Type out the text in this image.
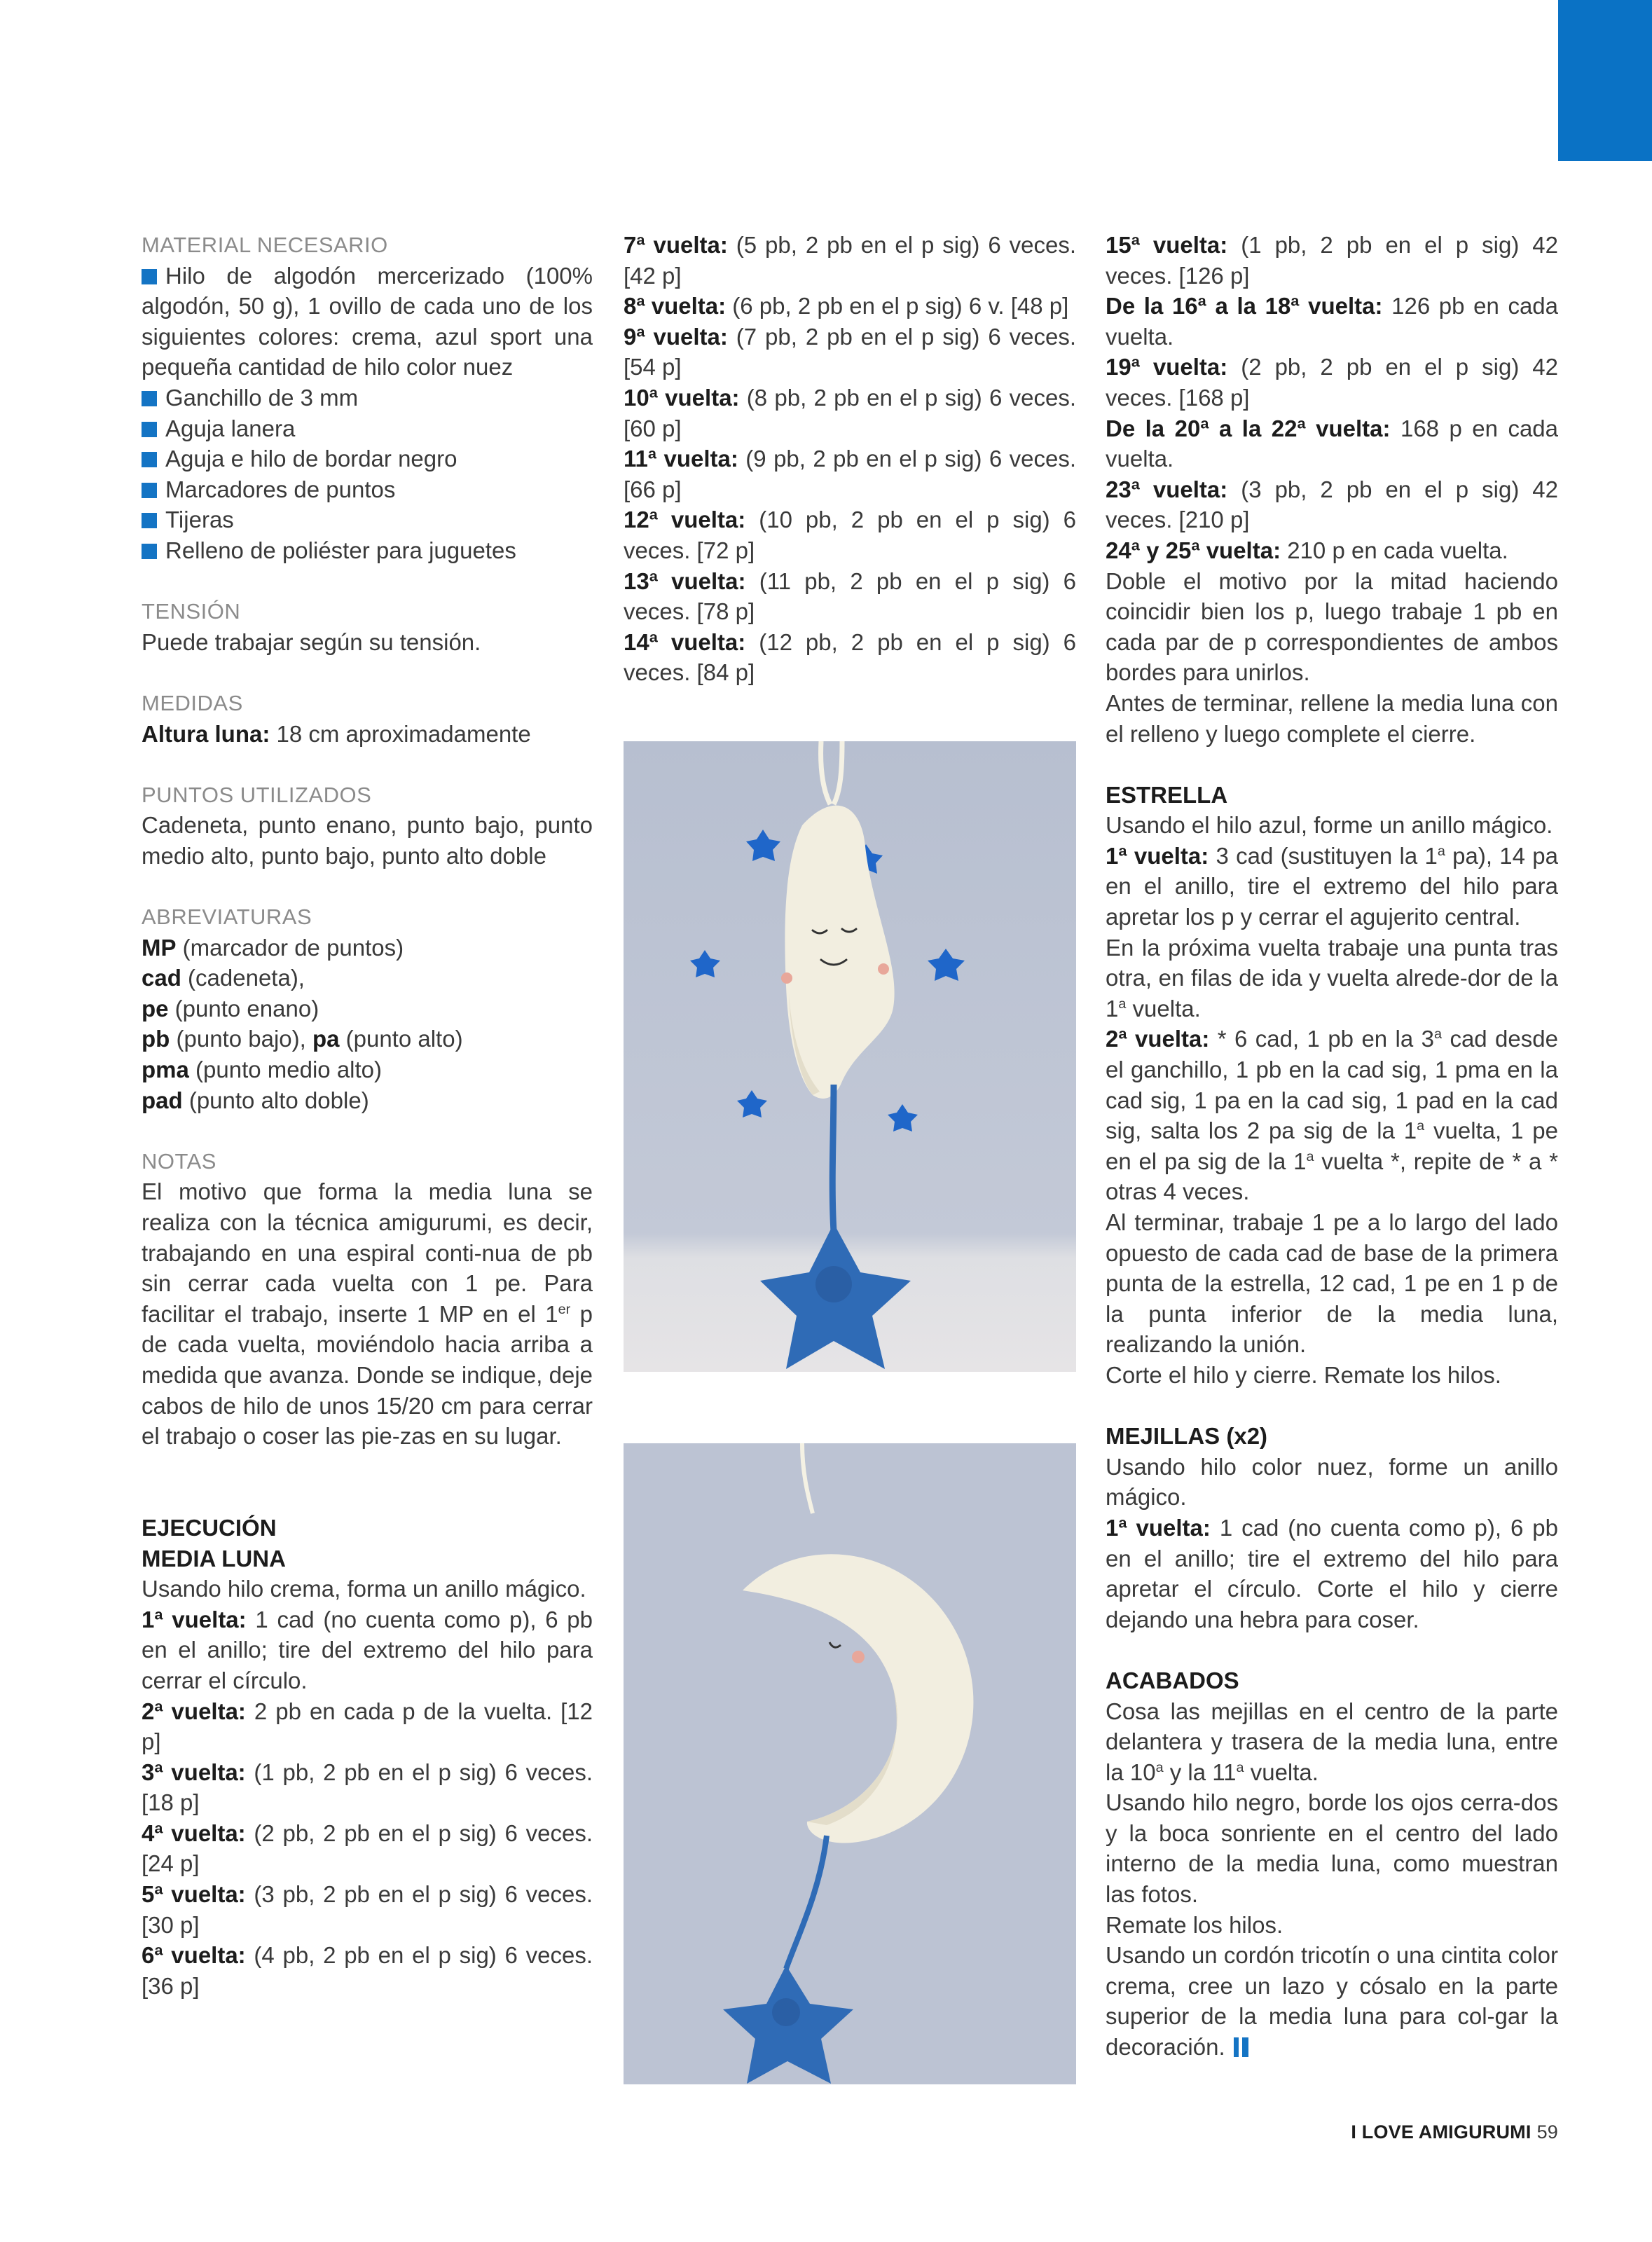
MATERIAL NECESARIO
Hilo de algodón mercerizado (100% algodón, 50 g), 1 ovillo de cada uno de los siguientes colores: crema, azul sport una pequeña cantidad de hilo color nuez
Ganchillo de 3 mm
Aguja lanera
Aguja e hilo de bordar negro
Marcadores de puntos
Tijeras
Relleno de poliéster para juguetes
TENSIÓN
Puede trabajar según su tensión.
MEDIDAS
Altura luna: 18 cm aproximadamente
PUNTOS UTILIZADOS
Cadeneta, punto enano, punto bajo, punto medio alto, punto bajo, punto alto doble
ABREVIATURAS
MP (marcador de puntos)
cad (cadeneta),
pe (punto enano)
pb (punto bajo), pa (punto alto)
pma (punto medio alto)
pad (punto alto doble)
NOTAS
El motivo que forma la media luna se realiza con la técnica amigurumi, es decir, trabajando en una espiral conti-nua de pb sin cerrar cada vuelta con 1 pe. Para facilitar el trabajo, inserte 1 MP en el 1er p de cada vuelta, moviéndolo hacia arriba a medida que avanza. Donde se indique, deje cabos de hilo de unos 15/20 cm para cerrar el trabajo o coser las pie-zas en su lugar.
EJECUCIÓN
MEDIA LUNA
Usando hilo crema, forma un anillo mágico.
1ª vuelta: 1 cad (no cuenta como p), 6 pb en el anillo; tire del extremo del hilo para cerrar el círculo.
2ª vuelta: 2 pb en cada p de la vuelta. [12 p]
3ª vuelta: (1 pb, 2 pb en el p sig) 6 veces. [18 p]
4ª vuelta: (2 pb, 2 pb en el p sig) 6 veces. [24 p]
5ª vuelta: (3 pb, 2 pb en el p sig) 6 veces. [30 p]
6ª vuelta: (4 pb, 2 pb en el p sig) 6 veces. [36 p]
7ª vuelta: (5 pb, 2 pb en el p sig) 6 veces. [42 p]
8ª vuelta: (6 pb, 2 pb en el p sig) 6 v. [48 p]
9ª vuelta: (7 pb, 2 pb en el p sig) 6 veces. [54 p]
10ª vuelta: (8 pb, 2 pb en el p sig) 6 veces. [60 p]
11ª vuelta: (9 pb, 2 pb en el p sig) 6 veces. [66 p]
12ª vuelta: (10 pb, 2 pb en el p sig) 6 veces. [72 p]
13ª vuelta: (11 pb, 2 pb en el p sig) 6 veces. [78 p]
14ª vuelta: (12 pb, 2 pb en el p sig) 6 veces. [84 p]
15ª vuelta: (1 pb, 2 pb en el p sig) 42 veces. [126 p]
De la 16ª a la 18ª vuelta: 126 pb en cada vuelta.
19ª vuelta: (2 pb, 2 pb en el p sig) 42 veces. [168 p]
De la 20ª a la 22ª vuelta: 168 p en cada vuelta.
23ª vuelta: (3 pb, 2 pb en el p sig) 42 veces. [210 p]
24ª y 25ª vuelta: 210 p en cada vuelta.
Doble el motivo por la mitad haciendo coincidir bien los p, luego trabaje 1 pb en cada par de p correspondientes de ambos bordes para unirlos.
Antes de terminar, rellene la media luna con el relleno y luego complete el cierre.
ESTRELLA
Usando el hilo azul, forme un anillo mágico.
1ª vuelta: 3 cad (sustituyen la 1$^a$ pa), 14 pa en el anillo, tire el extremo del hilo para apretar los p y cerrar el agujerito central.
En la próxima vuelta trabaje una punta tras otra, en filas de ida y vuelta alrede-dor de la 1$^a$ vuelta.
2ª vuelta: * 6 cad, 1 pb en la 3$^a$ cad desde el ganchillo, 1 pb en la cad sig, 1 pma en la cad sig, 1 pa en la cad sig, 1 pad en la cad sig, salta los 2 pa sig de la 1$^a$ vuelta, 1 pe en el pa sig de la 1$^a$ vuelta *, repite de * a * otras 4 veces.
Al terminar, trabaje 1 pe a lo largo del lado opuesto de cada cad de base de la primera punta de la estrella, 12 cad, 1 pe en 1 p de la punta inferior de la media luna, realizando la unión.
Corte el hilo y cierre. Remate los hilos.
MEJILLAS (x2)
Usando hilo color nuez, forme un anillo mágico.
1ª vuelta: 1 cad (no cuenta como p), 6 pb en el anillo; tire el extremo del hilo para apretar el círculo. Corte el hilo y cierre dejando una hebra para coser.
ACABADOS
Cosa las mejillas en el centro de la parte delantera y trasera de la media luna, entre la 10$^a$ y la 11$^a$ vuelta.
Usando hilo negro, borde los ojos cerra-dos y la boca sonriente en el centro del lado interno de la media luna, como muestran las fotos.
Remate los hilos.
Usando un cordón tricotín o una cintita color crema, cree un lazo y cósalo en la parte superior de la media luna para col-gar la decoración.
I LOVE AMIGURUMI 59
